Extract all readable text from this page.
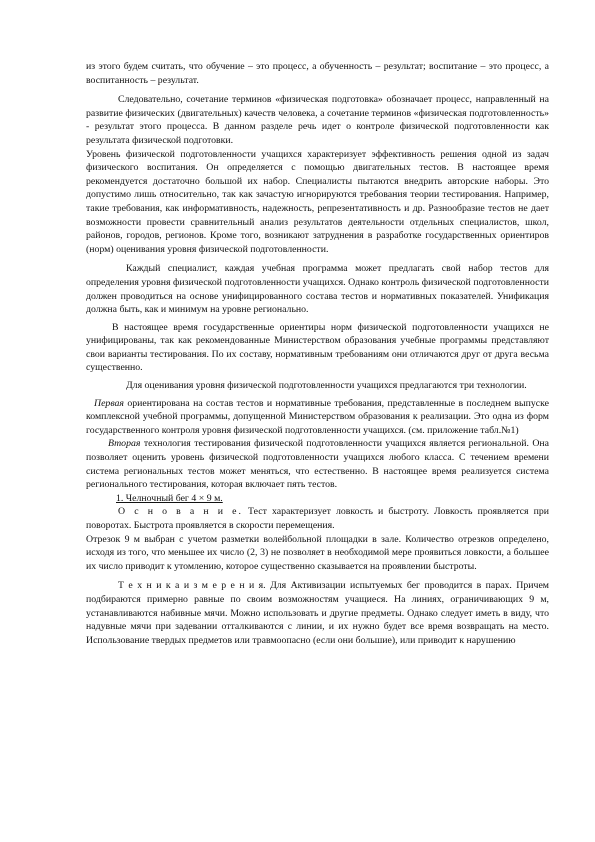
из этого будем считать, что обучение – это процесс, а обученность – результат; воспитание – это процесс, а воспитанность – результат.

Следовательно, сочетание терминов «физическая подготовка» обозначает процесс, направленный на развитие физических (двигательных) качеств человека, а сочетание терминов «физическая подготовленность» - результат этого процесса. В данном разделе речь идет о контроле физической подготовленности как результата физической подготовки.

Уровень физической подготовленности учащихся характеризует эффективность решения одной из задач физического воспитания. Он определяется с помощью двигательных тестов. В настоящее время рекомендуется достаточно большой их набор. Специалисты пытаются внедрить авторские наборы. Это допустимо лишь относительно, так как зачастую игнорируются требования теории тестирования. Например, такие требования, как информативность, надежность, репрезентативность и др. Разнообразие тестов не дает возможности провести сравнительный анализ результатов деятельности отдельных специалистов, школ, районов, городов, регионов. Кроме того, возникают затруднения в разработке государственных ориентиров (норм) оценивания уровня физической подготовленности.

Каждый специалист, каждая учебная программа может предлагать свой набор тестов для определения уровня физической подготовленности учащихся. Однако контроль физической подготовленности должен проводиться на основе унифицированного состава тестов и нормативных показателей. Унификация должна быть, как и минимум на уровне регионально.

В настоящее время государственные ориентиры норм физической подготовленности учащихся не унифицированы, так как рекомендованные Министерством образования учебные программы представляют свои варианты тестирования. По их составу, нормативным требованиям они отличаются друг от друга весьма существенно.

Для оценивания уровня физической подготовленности учащихся предлагаются три технологии.

Первая ориентирована на состав тестов и нормативные требования, представленные в последнем выпуске комплексной учебной программы, допущенной Министерством образования к реализации. Это одна из форм государственного контроля уровня физической подготовленности учащихся. (см. приложение табл.№1)

Вторая технология тестирования физической подготовленности учащихся является региональной. Она позволяет оценить уровень физической подготовленности учащихся любого класса. С течением времени система региональных тестов может меняться, что естественно. В настоящее время реализуется система регионального тестирования, которая включает пять тестов.

1. Челночный бег 4 × 9 м.

О с н о в а н и е. Тест характеризует ловкость и быстроту. Ловкость проявляется при поворотах. Быстрота проявляется в скорости перемещения.

Отрезок 9 м выбран с учетом разметки волейбольной площадки в зале. Количество отрезков определено, исходя из того, что меньшее их число (2, 3) не позволяет в необходимой мере проявиться ловкости, а большее их число приводит к утомлению, которое существенно сказывается на проявлении быстроты.

Т е х н и к а и з м е р е н и я. Для Активизации испытуемых бег проводится в парах. Причем подбираются примерно равные по своим возможностям учащиеся. На линиях, ограничивающих 9 м, устанавливаются набивные мячи. Можно использовать и другие предметы. Однако следует иметь в виду, что надувные мячи при задевании отталкиваются с линии, и их нужно будет все время возвращать на место. Использование твердых предметов или травмоопасно (если они большие), или приводит к нарушению
